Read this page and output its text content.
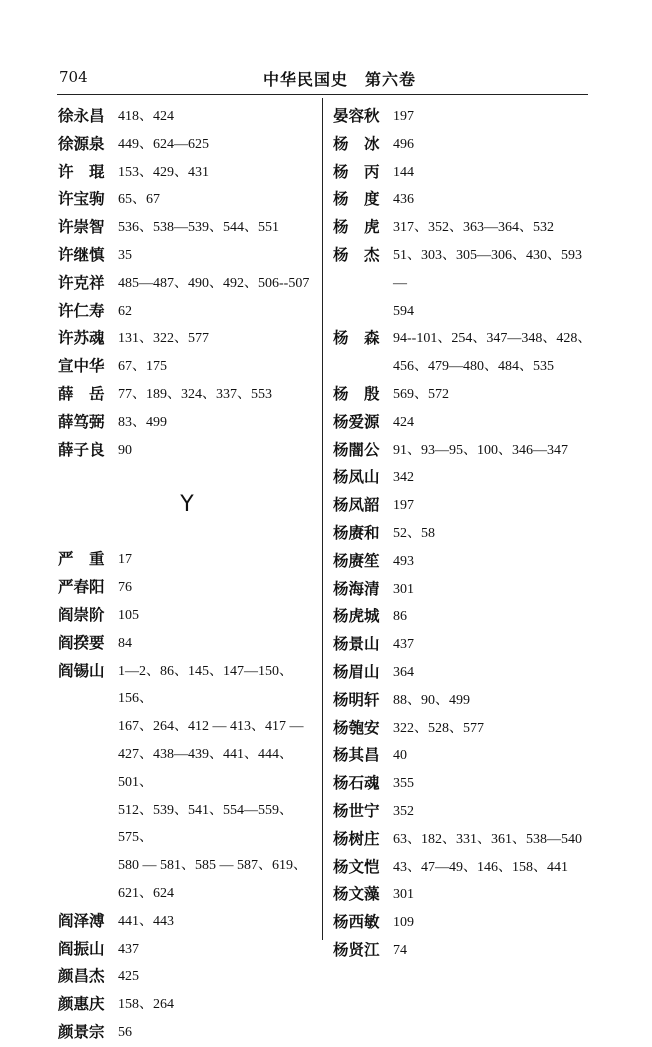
704	中华民国史　第六卷
徐永昌 418、424
徐源泉 449、624—625
许　琨 153、429、431
许宝驹 65、67
许崇智 536、538—539、544、551
许继慎 35
许克祥 485—487、490、492、506--507
许仁寿 62
许苏魂 131、322、577
宣中华 67、175
薛　岳 77、189、324、337、553
薛笃弼 83、499
薛子良 90
Y
严　重 17
严春阳 76
阎崇阶 105
阎揆要 84
阎锡山 1—2、86、145、147—150、156、
167、264、412 — 413、417 —
427、438—439、441、444、501、
512、539、541、554—559、575、
580 — 581、585 — 587、619、
621、624
阎泽溥 441、443
阎振山 437
颜昌杰 425
颜惠庆 158、264
颜景宗 56
晏容秋 197
杨　冰 496
杨　丙 144
杨　度 436
杨　虎 317、352、363—364、532
杨　杰 51、303、305—306、430、593—
594
杨　森 94--101、254、347—348、428、
456、479—480、484、535
杨　殷 569、572
杨爱源 424
杨闇公 91、93—95、100、346—347
杨凤山 342
杨凤韶 197
杨赓和 52、58
杨赓笙 493
杨海清 301
杨虎城 86
杨景山 437
杨眉山 364
杨明轩 88、90、499
杨匏安 322、528、577
杨其昌 40
杨石魂 355
杨世宁 352
杨树庄 63、182、331、361、538—540
杨文恺 43、47—49、146、158、441
杨文藻 301
杨西敏 109
杨贤江 74
